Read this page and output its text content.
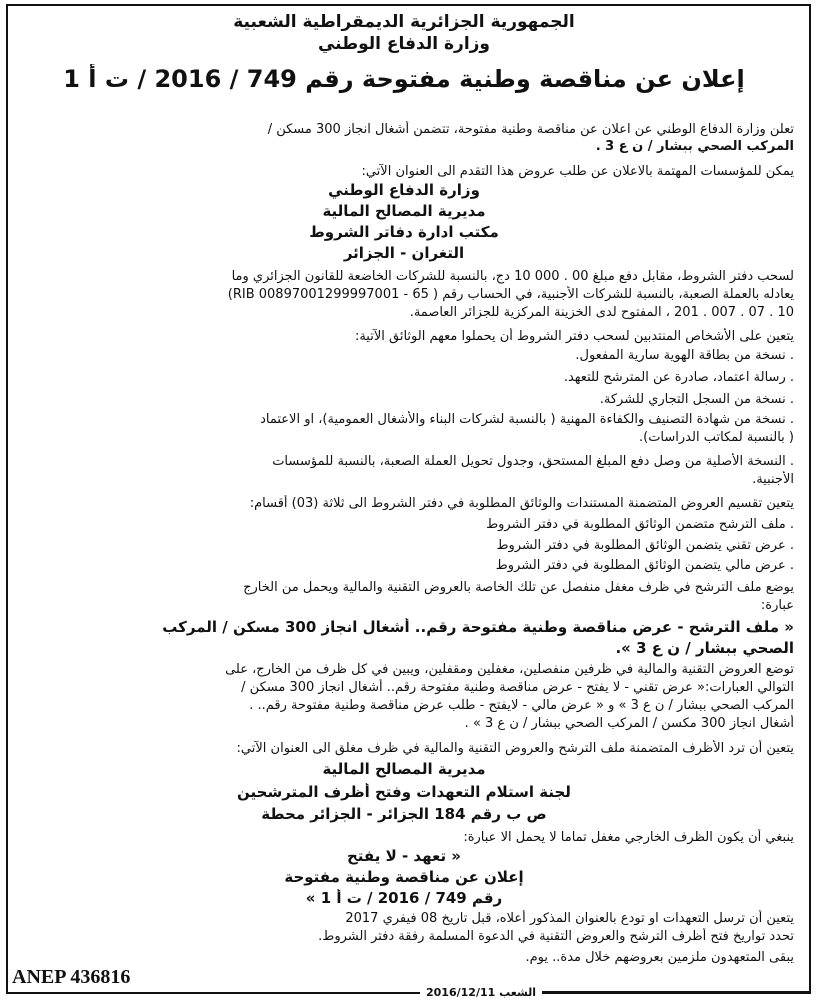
الجمهورية الجزائرية الديمقراطية الشعبية
وزارة الدفاع الوطني
إعلان عن مناقصة وطنية مفتوحة رقم 749 / 2016 / ت أ 1
تعلن وزارة الدفاع الوطني عن اعلان عن مناقصة وطنية مفتوحة، تتضمن أشغال انجاز 300 مسكن /
المركب الصحي ببشار / ن ع 3 .
يمكن للمؤسسات المهتمة بالاعلان عن طلب عروض هذا التقدم الى العنوان الآتي:
وزارة الدفاع الوطني
مديرية المصالح المالية
مكتب ادارة دفاتر الشروط
التغران - الجزائر
لسحب دفتر الشروط، مقابل دفع مبلغ 00 . 000 10 دج، بالنسبة للشركات الخاضعة للقانون الجزائري وما
يعادله بالعملة الصعبة، بالنسبة للشركات الأجنبية، في الحساب رقم ( 65 - RIB 00897001299997001)
10 . 07 . 007 . 201 ، المفتوح لدى الخزينة المركزية للجزائر العاصمة.
يتعين على الأشخاص المنتدبين لسحب دفتر الشروط أن يحملوا معهم الوثائق الآتية:
. نسخة من بطاقة الهوية سارية المفعول.
. رسالة اعتماد، صادرة عن المترشح للتعهد.
. نسخة من السجل التجاري للشركة.
. نسخة من شهادة التصنيف والكفاءة المهنية ( بالنسبة لشركات البناء والأشغال العمومية)، او الاعتماد
( بالنسبة لمكاتب الدراسات).
. النسخة الأصلية من وصل دفع المبلغ المستحق، وجدول تحويل العملة الصعبة، بالنسبة للمؤسسات
الأجنبية.
يتعين تقسيم العروض المتضمنة المستندات والوثائق المطلوبة في دفتر الشروط الى ثلاثة (03) أقسام:
. ملف الترشح متضمن الوثائق المطلوبة في دفتر الشروط
. عرض تقني يتضمن الوثائق المطلوبة في دفتر الشروط
. عرض مالي يتضمن الوثائق المطلوبة في دفتر الشروط
يوضع ملف الترشح في ظرف مغفل منفصل عن تلك الخاصة بالعروض التقنية والمالية ويحمل من الخارج
عبارة:
« ملف الترشح - عرض مناقصة وطنية مفتوحة رقم.. أشغال انجاز 300 مسكن / المركب
الصحي ببشار / ن ع 3 ».
توضع العروض التقنية والمالية في ظرفين منفصلين، مغفلين ومقفلين، ويبين في كل ظرف من الخارج، على
التوالي العبارات:« عرض تقني - لا يفتح - عرض مناقصة وطنية مفتوحة رقم.. أشغال انجاز 300 مسكن /
المركب الصحي ببشار / ن ع 3 » و « عرض مالي - لايفتح - طلب عرض مناقصة وطنية مفتوحة رقم.. .
أشغال انجاز 300 مكسن / المركب الصحي ببشار / ن ع 3 » .
يتعين أن ترد الأظرف المتضمنة ملف الترشح والعروض التقنية والمالية في ظرف مغلق الى العنوان الآتي:
مديرية المصالح المالية
لجنة استلام التعهدات وفتح أظرف المترشحين
ص ب رقم 184 الجزائر - الجزائر محطة
ينبغي أن يكون الظرف الخارجي مغفل تماما لا يحمل الا عبارة:
« تعهد - لا يفتح
إعلان عن مناقصة وطنية مفتوحة
رقم 749 / 2016 / ت أ 1 »
يتعين أن ترسل التعهدات او تودع بالعنوان المذكور أعلاه، قبل تاريخ 08 فيفري 2017
تحدد تواريخ فتح أظرف الترشح والعروض التقنية في الدعوة المسلمة رفقة دفتر الشروط.
يبقى المتعهدون ملزمين بعروضهم خلال مدة.. يوم.
ANEP 436816
الشعب 2016/12/11
